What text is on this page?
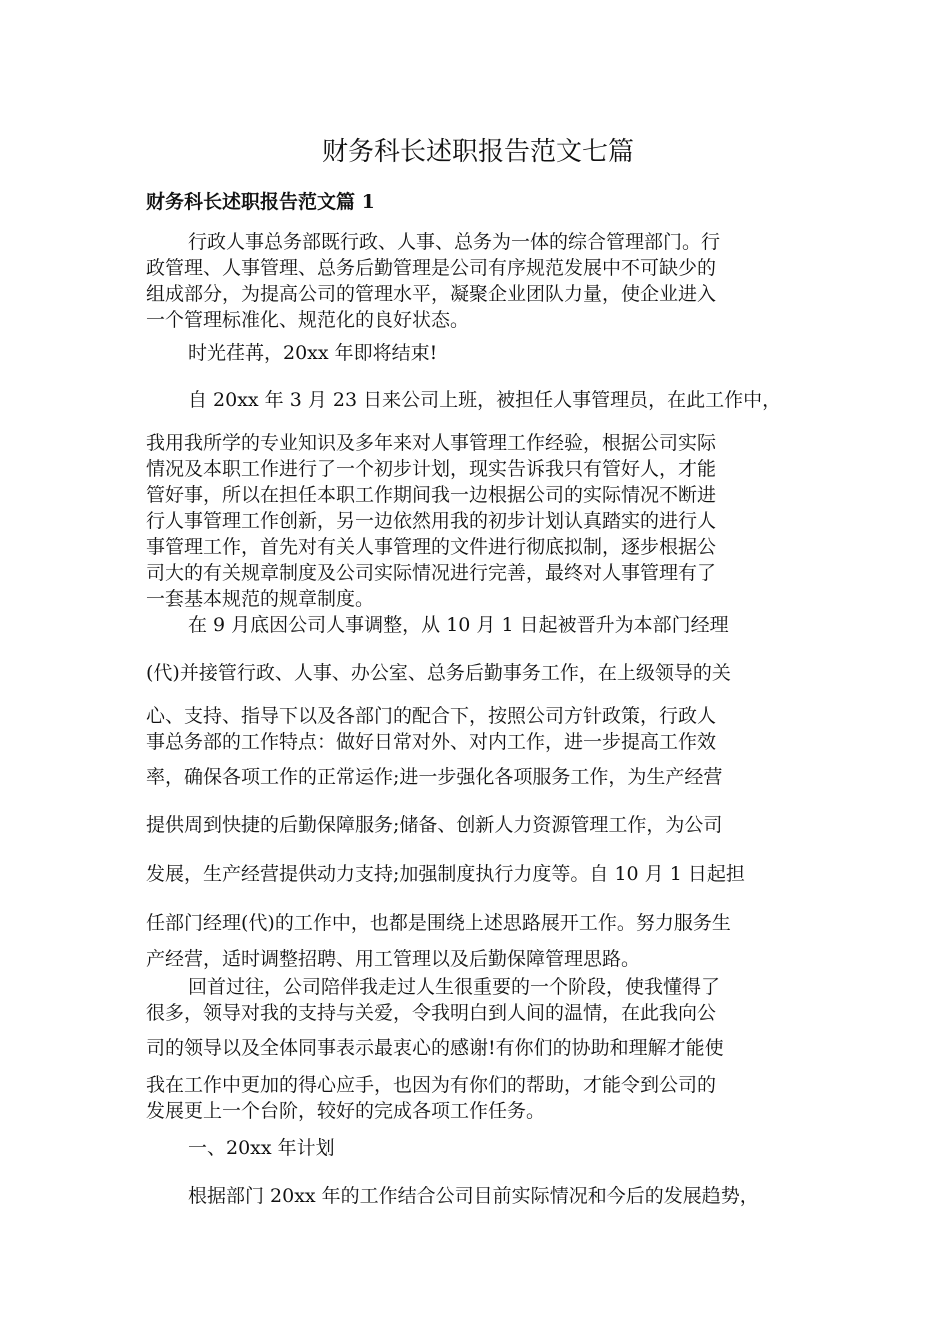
财务科长述职报告范文七篇
财务科长述职报告范文篇 1

行政人事总务部既行政、人事、总务为一体的综合管理部门。行

政管理、人事管理、总务后勤管理是公司有序规范发展中不可缺少的

组成部分，为提高公司的管理水平，凝聚企业团队力量，使企业进入

一个管理标准化、规范化的良好状态。

时光荏苒，20xx 年即将结束!

自 20xx 年 3 月 23 日来公司上班，被担任人事管理员，在此工作中，

我用我所学的专业知识及多年来对人事管理工作经验，根据公司实际

情况及本职工作进行了一个初步计划，现实告诉我只有管好人，才能

管好事，所以在担任本职工作期间我一边根据公司的实际情况不断进

行人事管理工作创新，另一边依然用我的初步计划认真踏实的进行人

事管理工作，首先对有关人事管理的文件进行彻底拟制，逐步根据公

司大的有关规章制度及公司实际情况进行完善，最终对人事管理有了

一套基本规范的规章制度。

在 9 月底因公司人事调整，从 10 月 1 日起被晋升为本部门经理

(代)并接管行政、人事、办公室、总务后勤事务工作，在上级领导的关

心、支持、指导下以及各部门的配合下，按照公司方针政策，行政人

事总务部的工作特点：做好日常对外、对内工作，进一步提高工作效

率，确保各项工作的正常运作;进一步强化各项服务工作，为生产经营

提供周到快捷的后勤保障服务;储备、创新人力资源管理工作，为公司

发展，生产经营提供动力支持;加强制度执行力度等。自 10 月 1 日起担

任部门经理(代)的工作中，也都是围绕上述思路展开工作。努力服务生

产经营，适时调整招聘、用工管理以及后勤保障管理思路。

回首过往，公司陪伴我走过人生很重要的一个阶段，使我懂得了

很多，领导对我的支持与关爱，令我明白到人间的温情，在此我向公

司的领导以及全体同事表示最衷心的感谢!有你们的协助和理解才能使

我在工作中更加的得心应手，也因为有你们的帮助，才能令到公司的

发展更上一个台阶，较好的完成各项工作任务。

一、20xx 年计划

根据部门 20xx 年的工作结合公司目前实际情况和今后的发展趋势，
